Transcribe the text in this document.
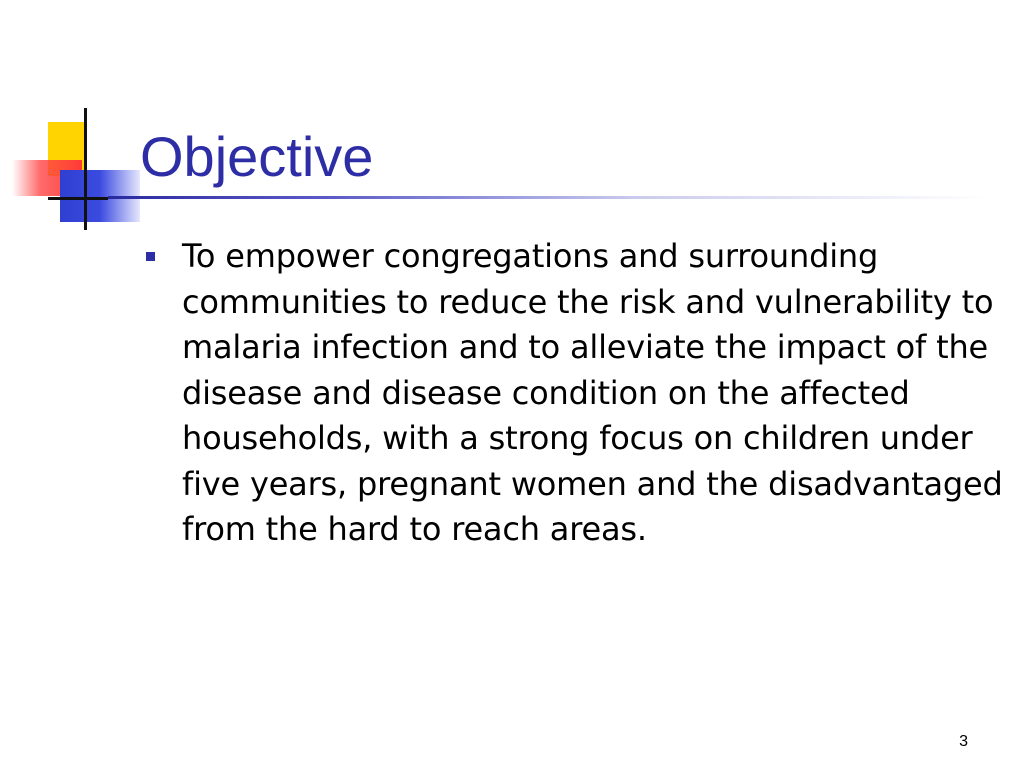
Objective
To empower congregations and surrounding communities to reduce the risk and vulnerability to malaria infection and to alleviate the impact of the disease and disease condition on the affected households, with a strong focus on children under five years, pregnant women and the disadvantaged from the hard to reach areas.
3
